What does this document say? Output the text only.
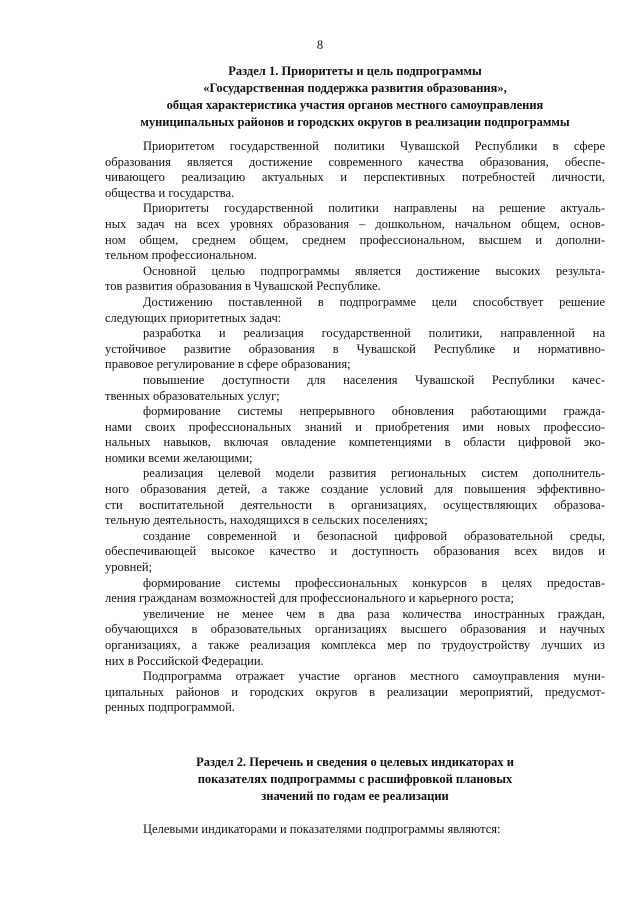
8
Раздел 1. Приоритеты и цель подпрограммы
«Государственная поддержка развития образования»,
общая характеристика участия органов местного самоуправления
муниципальных районов и городских округов в реализации подпрограммы
Приоритетом государственной политики Чувашской Республики в сфере
образования является достижение современного качества образования, обеспе-
чивающего реализацию актуальных и перспективных потребностей личности,
общества и государства.
Приоритеты государственной политики направлены на решение актуаль-
ных задач на всех уровнях образования – дошкольном, начальном общем, основ-
ном общем, среднем общем, среднем профессиональном, высшем и дополни-
тельном профессиональном.
Основной целью подпрограммы является достижение высоких результа-
тов развития образования в Чувашской Республике.
Достижению поставленной в подпрограмме цели способствует решение
следующих приоритетных задач:
разработка и реализация государственной политики, направленной на
устойчивое развитие образования в Чувашской Республике и нормативно-
правовое регулирование в сфере образования;
повышение доступности для населения Чувашской Республики качес-
твенных образовательных услуг;
формирование системы непрерывного обновления работающими гражда-
нами своих профессиональных знаний и приобретения ими новых профессио-
нальных навыков, включая овладение компетенциями в области цифровой эко-
номики всеми желающими;
реализация целевой модели развития региональных систем дополнитель-
ного образования детей, а также создание условий для повышения эффективно-
сти воспитательной деятельности в организациях, осуществляющих образова-
тельную деятельность, находящихся в сельских поселениях;
создание современной и безопасной цифровой образовательной среды,
обеспечивающей высокое качество и доступность образования всех видов и
уровней;
формирование системы профессиональных конкурсов в целях предостав-
ления гражданам возможностей для профессионального и карьерного роста;
увеличение не менее чем в два раза количества иностранных граждан,
обучающихся в образовательных организациях высшего образования и научных
организациях, а также реализация комплекса мер по трудоустройству лучших из
них в Российской Федерации.
Подпрограмма отражает участие органов местного самоуправления муни-
ципальных районов и городских округов в реализации мероприятий, предусмот-
ренных подпрограммой.
Раздел 2. Перечень и сведения о целевых индикаторах и
показателях подпрограммы с расшифровкой плановых
значений по годам ее реализации
Целевыми индикаторами и показателями подпрограммы являются:
